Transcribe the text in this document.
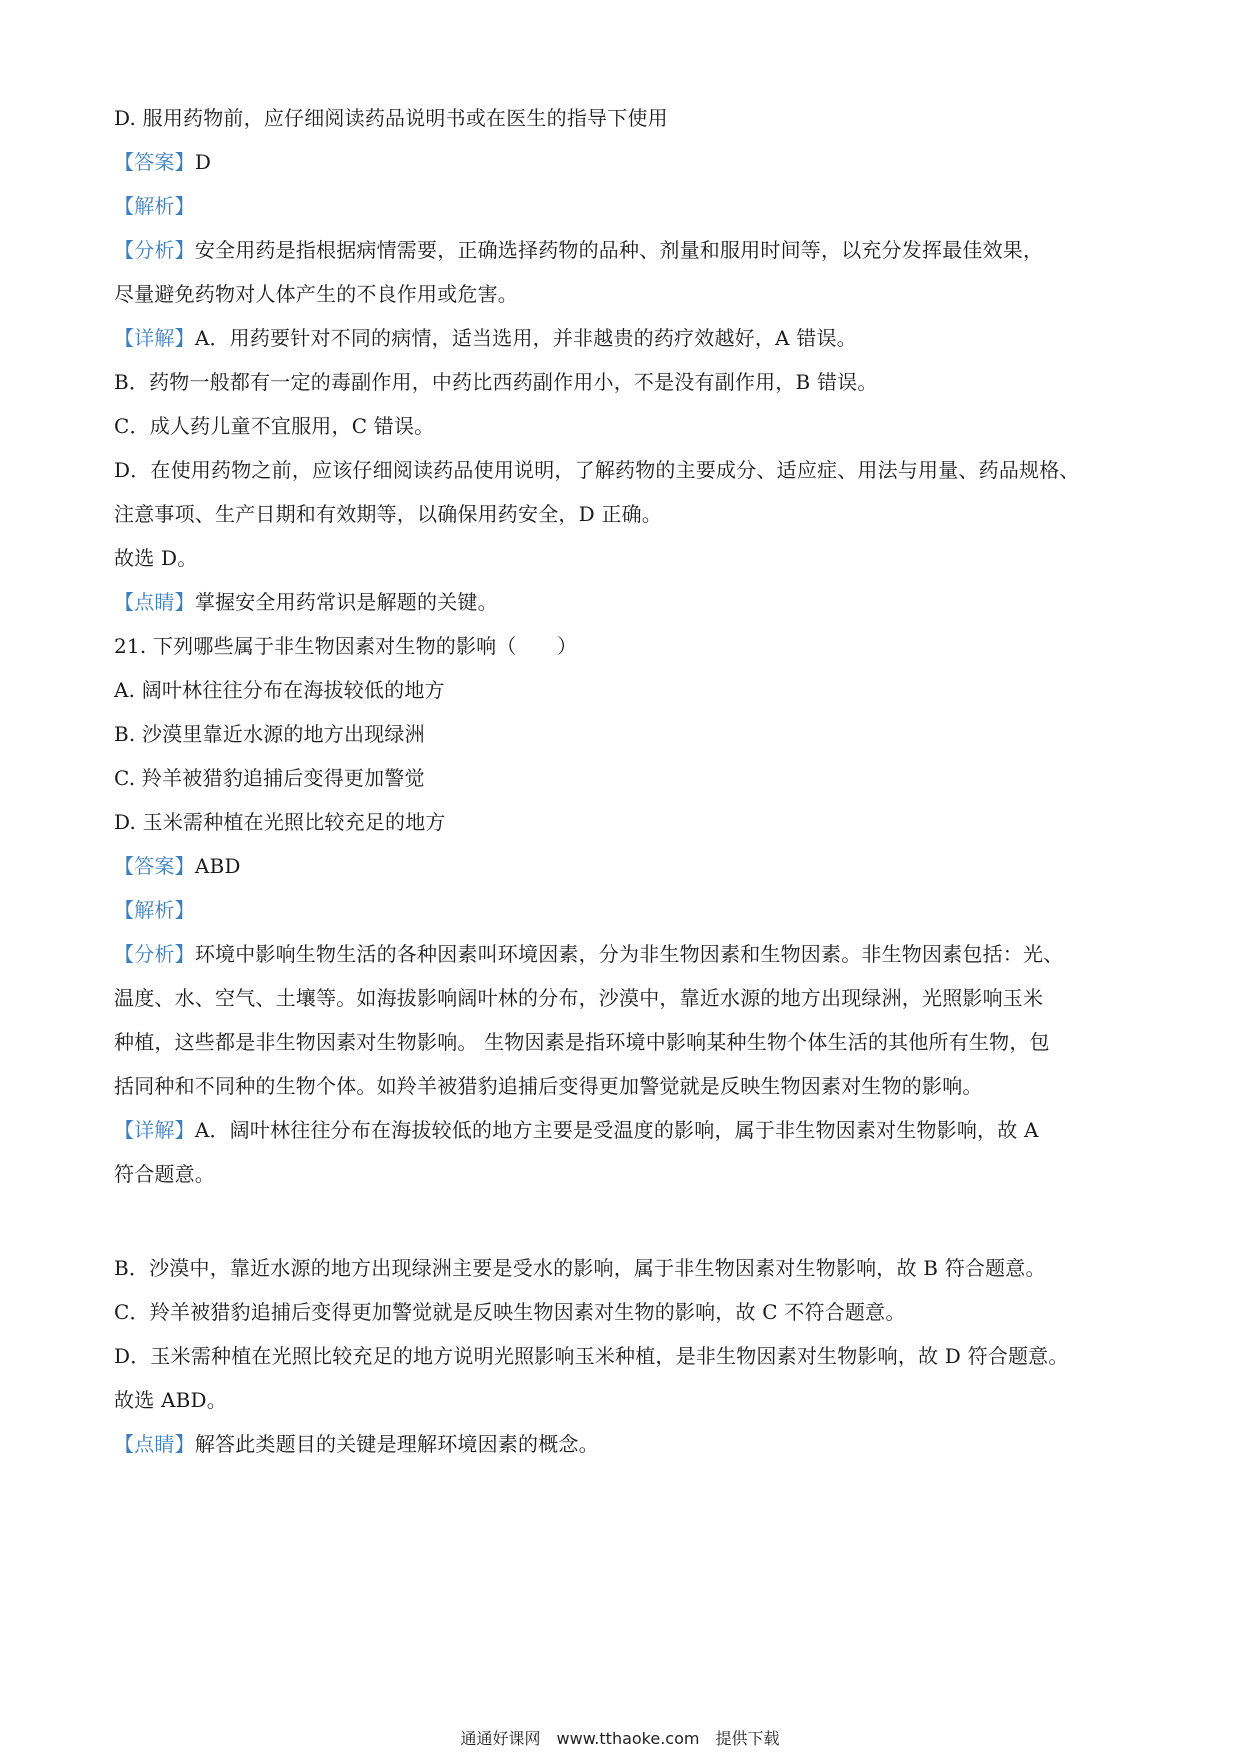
D. 服用药物前，应仔细阅读药品说明书或在医生的指导下使用
【答案】D
【解析】
【分析】安全用药是指根据病情需要，正确选择药物的品种、剂量和服用时间等，以充分发挥最佳效果，
尽量避免药物对人体产生的不良作用或危害。
【详解】A．用药要针对不同的病情，适当选用，并非越贵的药疗效越好，A 错误。
B．药物一般都有一定的毒副作用，中药比西药副作用小，不是没有副作用，B 错误。
C．成人药儿童不宜服用，C 错误。
D．在使用药物之前，应该仔细阅读药品使用说明，了解药物的主要成分、适应症、用法与用量、药品规格、
注意事项、生产日期和有效期等，以确保用药安全，D 正确。
故选 D。
【点睛】掌握安全用药常识是解题的关键。
21. 下列哪些属于非生物因素对生物的影响（　　）
A. 阔叶林往往分布在海拔较低的地方
B. 沙漠里靠近水源的地方出现绿洲
C. 羚羊被猎豹追捕后变得更加警觉
D. 玉米需种植在光照比较充足的地方
【答案】ABD
【解析】
【分析】环境中影响生物生活的各种因素叫环境因素，分为非生物因素和生物因素。非生物因素包括：光、
温度、水、空气、土壤等。如海拔影响阔叶林的分布，沙漠中，靠近水源的地方出现绿洲，光照影响玉米
种植，这些都是非生物因素对生物影响。 生物因素是指环境中影响某种生物个体生活的其他所有生物，包
括同种和不同种的生物个体。如羚羊被猎豹追捕后变得更加警觉就是反映生物因素对生物的影响。
【详解】A．阔叶林往往分布在海拔较低的地方主要是受温度的影响，属于非生物因素对生物影响，故 A
符合题意。
B．沙漠中，靠近水源的地方出现绿洲主要是受水的影响，属于非生物因素对生物影响，故 B 符合题意。
C．羚羊被猎豹追捕后变得更加警觉就是反映生物因素对生物的影响，故 C 不符合题意。
D．玉米需种植在光照比较充足的地方说明光照影响玉米种植，是非生物因素对生物影响，故 D 符合题意。
故选 ABD。
【点睛】解答此类题目的关键是理解环境因素的概念。
通通好课网　www.tthaoke.com　提供下载
